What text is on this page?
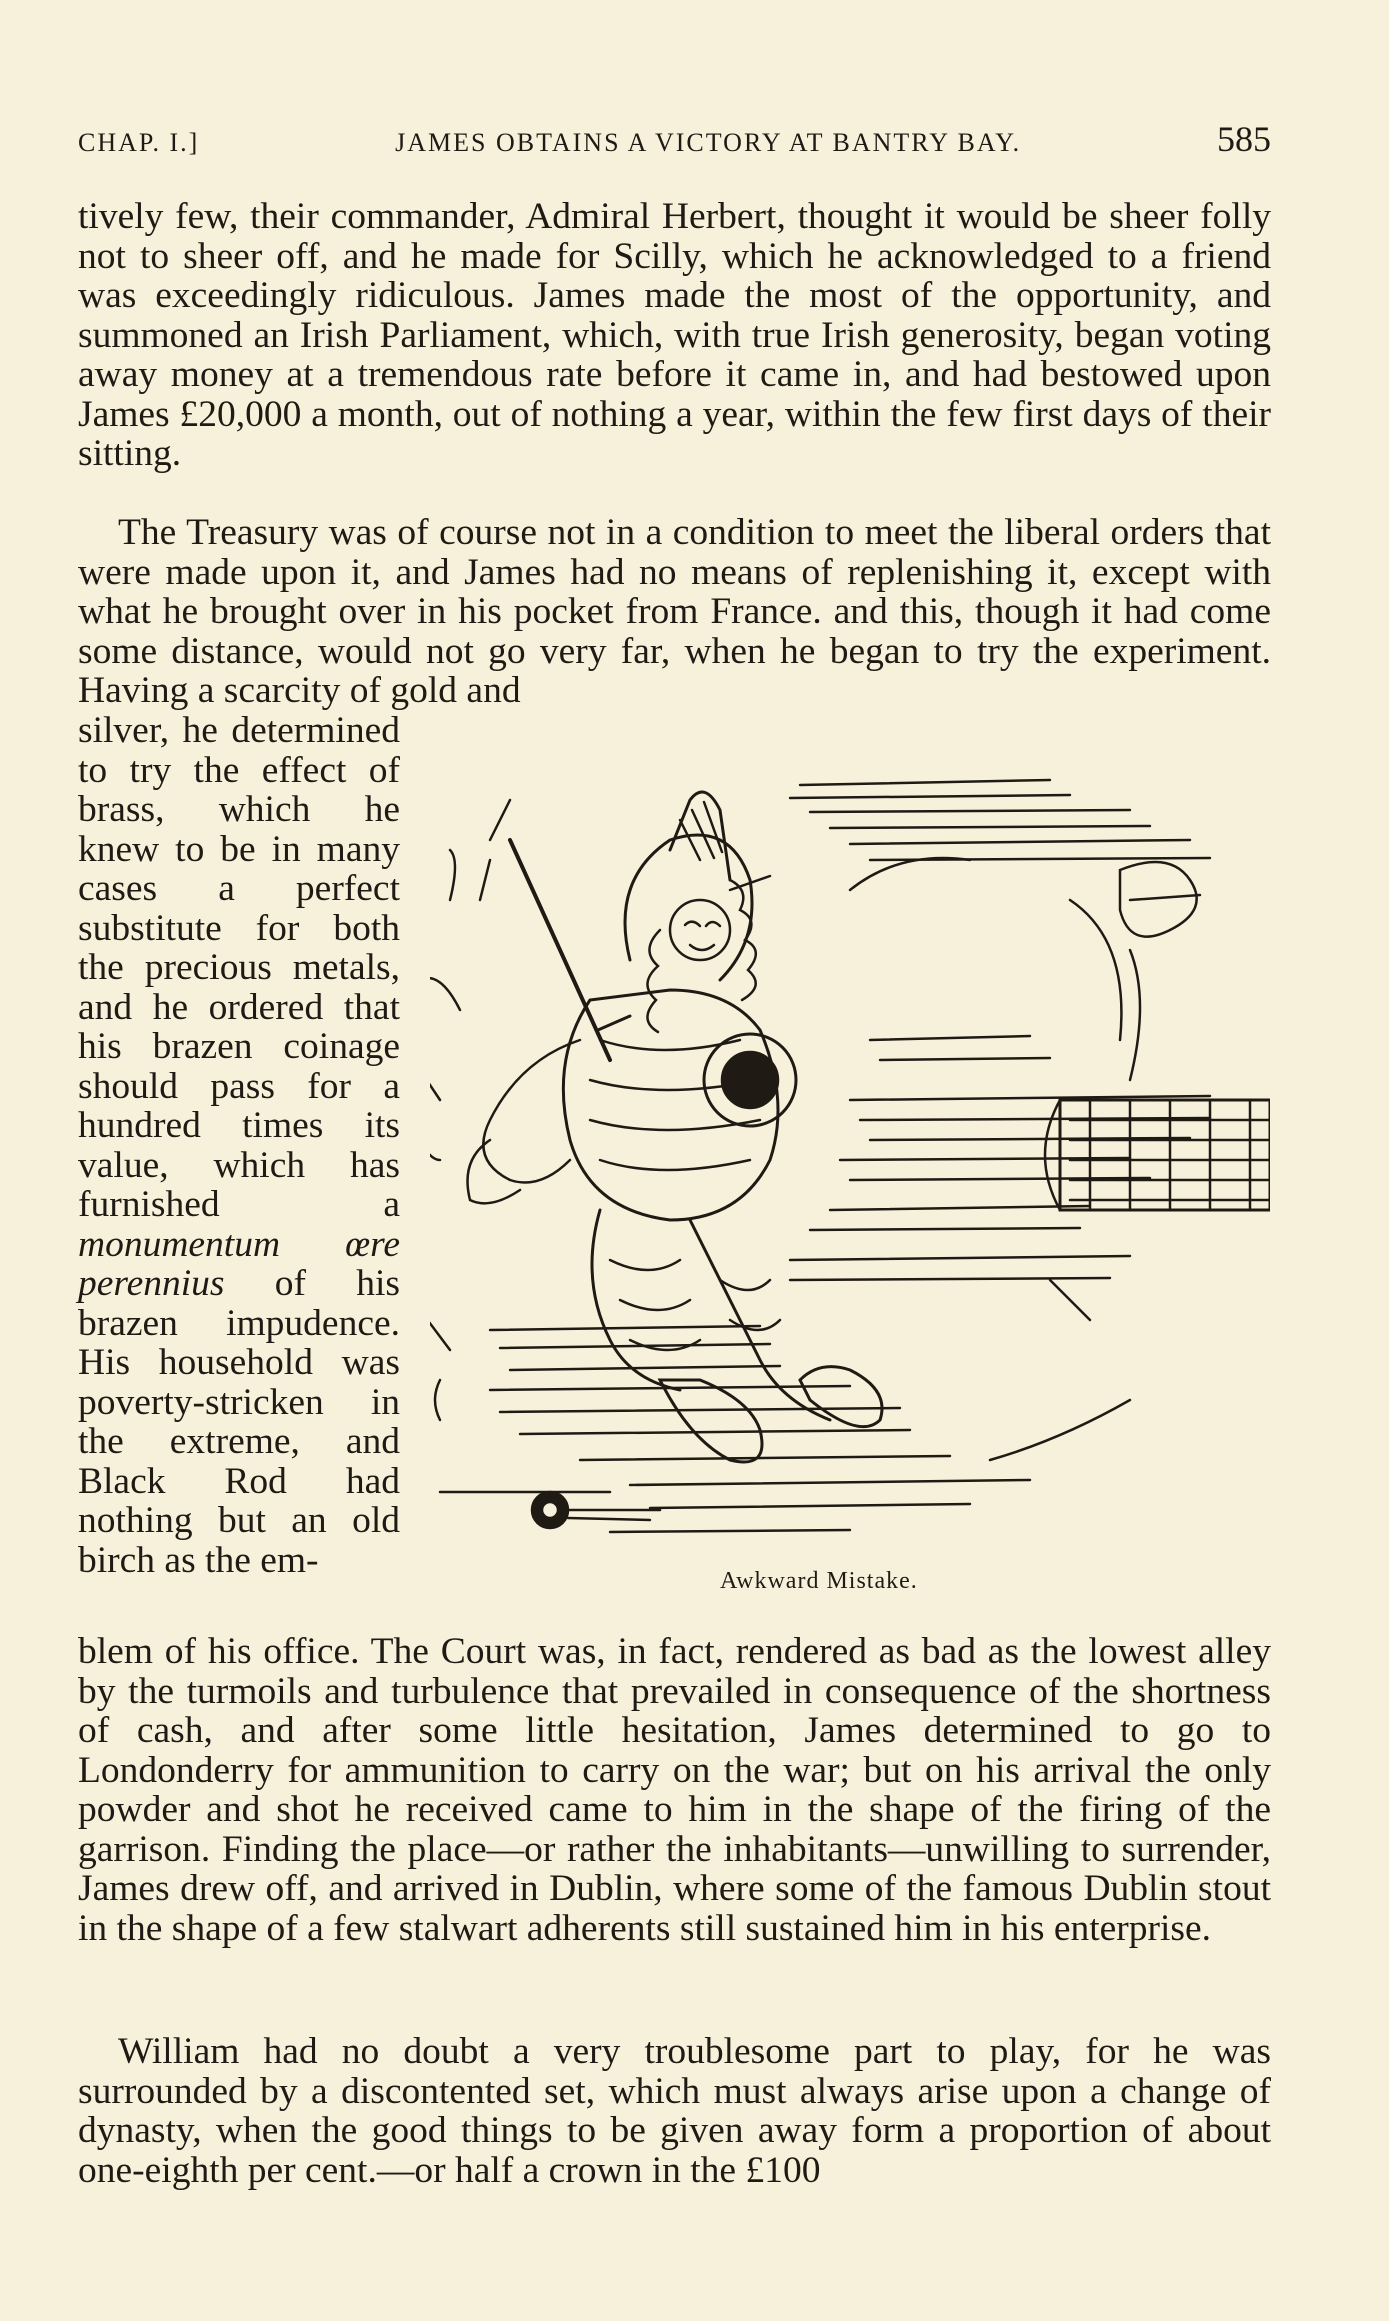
CHAP. I.]	JAMES OBTAINS A VICTORY AT BANTRY BAY.	585

tively few, their commander, Admiral Herbert, thought it would be sheer folly not to sheer off, and he made for Scilly, which he acknowledged to a friend was exceedingly ridiculous. James made the most of the opportunity, and summoned an Irish Parliament, which, with true Irish generosity, began voting away money at a tremendous rate before it came in, and had bestowed upon James £20,000 a month, out of nothing a year, within the few first days of their sitting.

The Treasury was of course not in a condition to meet the liberal orders that were made upon it, and James had no means of replenishing it, except with what he brought over in his pocket from France. and this, though it had come some distance, would not go very far, when he began to try the experiment. Having a scarcity of gold and

silver, he determined to try the effect of brass, which he knew to be in many cases a perfect substitute for both the precious metals, and he ordered that his brazen coinage should pass for a hundred times its value, which has furnished a monumentum œre perennius of his brazen impudence. His household was poverty-stricken in the extreme, and Black Rod had nothing but an old birch as the em-

Awkward Mistake.

blem of his office. The Court was, in fact, rendered as bad as the lowest alley by the turmoils and turbulence that prevailed in consequence of the shortness of cash, and after some little hesitation, James determined to go to Londonderry for ammunition to carry on the war; but on his arrival the only powder and shot he received came to him in the shape of the firing of the garrison. Finding the place—or rather the inhabitants—unwilling to surrender, James drew off, and arrived in Dublin, where some of the famous Dublin stout in the shape of a few stalwart adherents still sustained him in his enterprise.

William had no doubt a very troublesome part to play, for he was surrounded by a discontented set, which must always arise upon a change of dynasty, when the good things to be given away form a proportion of about one-eighth per cent.—or half a crown in the £100
